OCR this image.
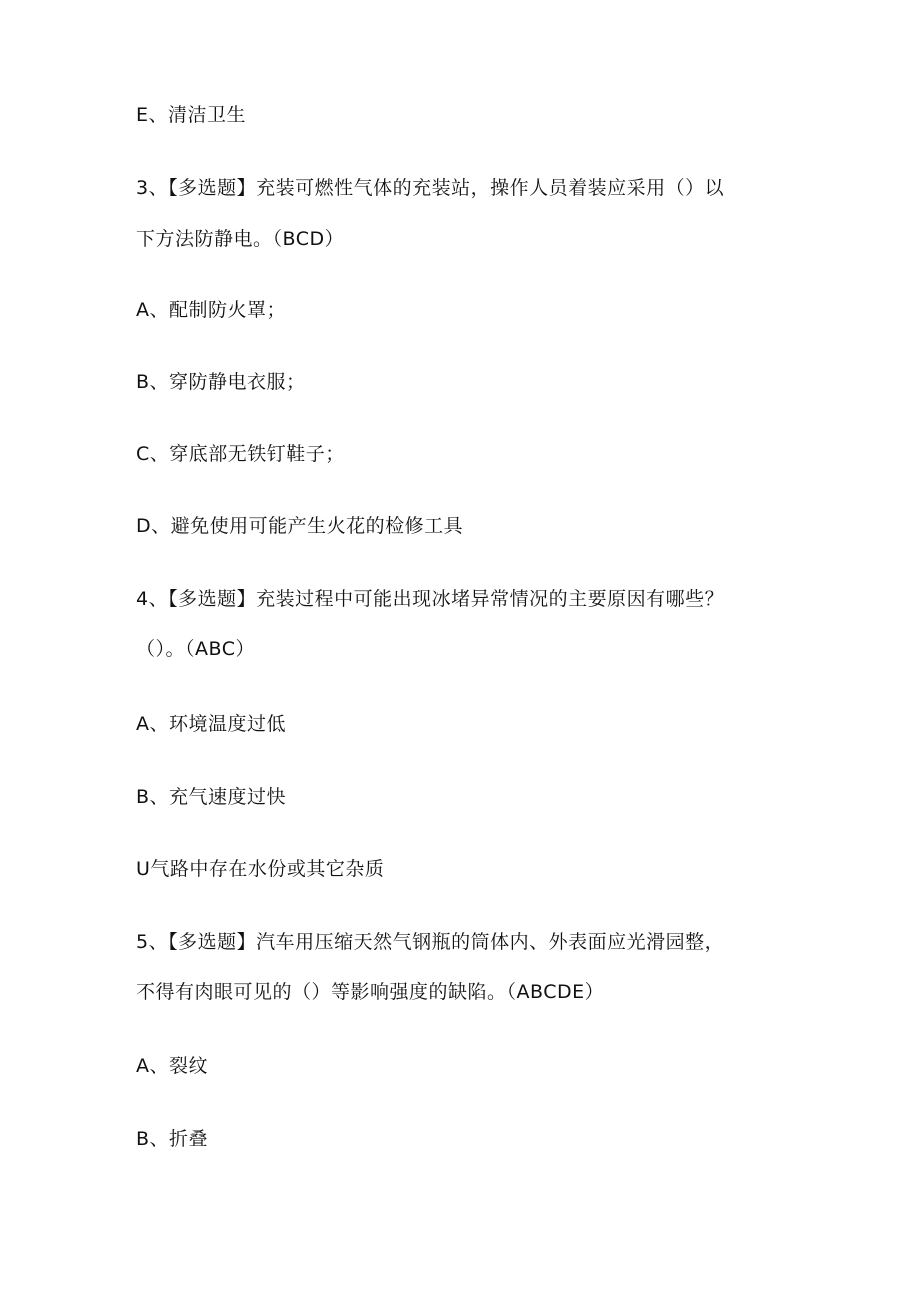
E、清洁卫生
3、【多选题】充装可燃性气体的充装站，操作人员着装应采用（）以
下方法防静电。（BCD）
A、配制防火罩；
B、穿防静电衣服；
C、穿底部无铁钉鞋子；
D、避免使用可能产生火花的检修工具
4、【多选题】充装过程中可能出现冰堵异常情况的主要原因有哪些？
（）。（ABC）
A、环境温度过低
B、充气速度过快
U气路中存在水份或其它杂质
5、【多选题】汽车用压缩天然气钢瓶的筒体内、外表面应光滑园整，
不得有肉眼可见的（）等影响强度的缺陷。（ABCDE）
A、裂纹
B、折叠
